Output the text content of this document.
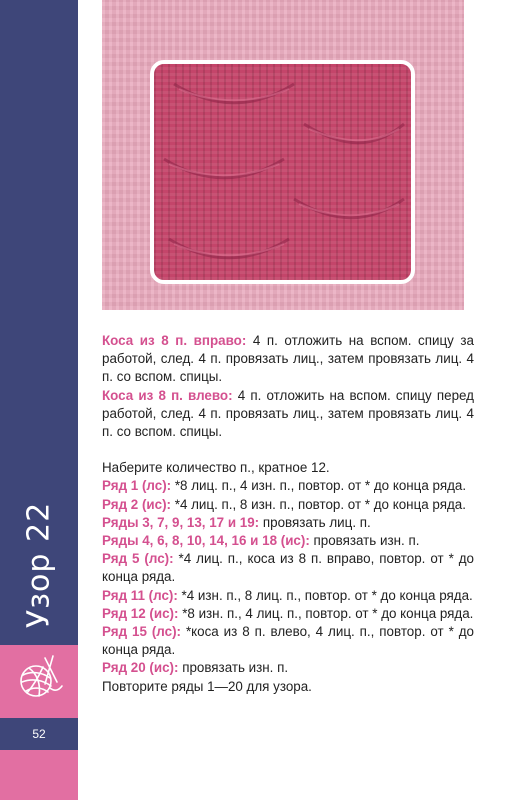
Узор 22
52

Коса из 8 п. вправо: 4 п. отложить на вспом. спицу за работой, след. 4 п. провязать лиц., затем провязать лиц. 4 п. со вспом. спицы.

Коса из 8 п. влево: 4 п. отложить на вспом. спицу перед работой, след. 4 п. провязать лиц., затем провязать лиц. 4 п. со вспом. спицы.

Наберите количество п., кратное 12.

Ряд 1 (лс): *8 лиц. п., 4 изн. п., повтор. от * до конца ряда.

Ряд 2 (ис): *4 лиц. п., 8 изн. п., повтор. от * до конца ряда.

Ряды 3, 7, 9, 13, 17 и 19: провязать лиц. п.

Ряды 4, 6, 8, 10, 14, 16 и 18 (ис): провязать изн. п.

Ряд 5 (лс): *4 лиц. п., коса из 8 п. вправо, повтор. от * до конца ряда.

Ряд 11 (лс): *4 изн. п., 8 лиц. п., повтор. от * до конца ряда.

Ряд 12 (ис): *8 изн. п., 4 лиц. п., повтор. от * до конца ряда.

Ряд 15 (лс): *коса из 8 п. влево, 4 лиц. п., повтор. от * до конца ряда.

Ряд 20 (ис): провязать изн. п.

Повторите ряды 1—20 для узора.
